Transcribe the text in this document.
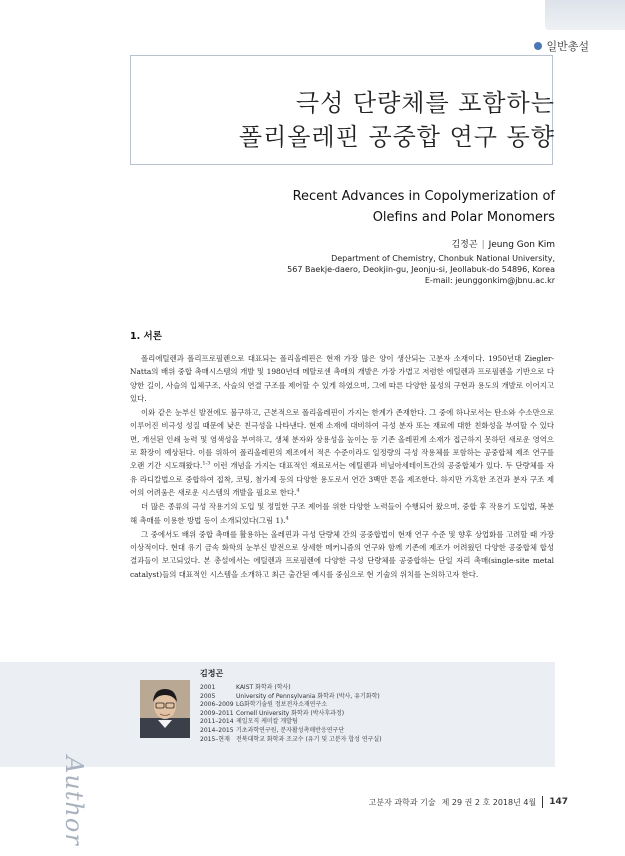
일반총설
극성 단량체를 포함하는
폴리올레핀 공중합 연구 동향
Recent Advances in Copolymerization of
Olefins and Polar Monomers
김정곤 | Jeung Gon Kim
Department of Chemistry, Chonbuk National University,
567 Baekje-daero, Deokjin-gu, Jeonju-si, Jeollabuk-do 54896, Korea
E-mail: jeunggonkim@jbnu.ac.kr
1. 서론

폴리에틸렌과 폴리프로필렌으로 대표되는 폴리올레핀은 현재 가장 많은 양이 생산되는 고분자 소재이다. 1950년대 Ziegler-Natta의 배위 중합 촉매시스템의 개발 및 1980년대 메탈로센 촉매의 개발은 가장 가볍고 저렴한 에틸렌과 프로필렌을 기반으로 다양한 길이, 사슬의 입체구조, 사슬의 연결 구조를 제어할 수 있게 하였으며, 그에 따른 다양한 물성의 구현과 용도의 개발로 이어지고 있다.

이와 같은 눈부신 발전에도 불구하고, 근본적으로 폴리올레핀이 가지는 한계가 존재한다. 그 중에 하나로서는 탄소와 수소만으로 이루어진 비극성 성질 때문에 낮은 친극성을 나타낸다. 현재 소재에 대비하여 극성 분자 또는 재료에 대한 친화성을 부여할 수 있다면, 개선된 인쇄 능력 및 염색성을 부여하고, 생체 분자와 상용성을 높이는 등 기존 올레핀계 소재가 접근하지 못하던 새로운 영역으로 확장이 예상된다. 이를 위하여 폴리올레핀의 제조에서 적은 수준이라도 일정량의 극성 작용체를 포함하는 공중합체 제조 연구를 오랜 기간 시도해왔다.$^{1-3}$ 이런 개념을 가지는 대표적인 재료로서는 에틸렌과 비닐아세테이트간의 공중합체가 있다. 두 단량체를 자유 라디칼법으로 중합하여 접착, 코팅, 첨가제 등의 다양한 용도로서 연간 3백만 톤을 제조한다. 하지만 가혹한 조건과 분자 구조 제어의 어려움은 새로운 시스템의 개발을 필요로 한다.$^4$

더 많은 종류의 극성 작용기의 도입 및 정밀한 구조 제어를 위한 다양한 노력들이 수행되어 왔으며, 중합 후 작용기 도입법, 복분해 촉매를 이용한 방법 등이 소개되었다(그림 1).$^4$

그 중에서도 배위 중합 촉매를 활용하는 올레핀과 극성 단량체 간의 공중합법이 현재 연구 수준 및 향후 상업화를 고려할 때 가장 이상적이다. 현대 유기 금속 화학의 눈부신 발전으로 상세한 메커니즘의 연구와 함께 기존에 제조가 어려웠던 다양한 공중합체 합성 결과들이 보고되었다. 본 총설에서는 에틸렌과 프로필렌에 다양한 극성 단량체를 공중합하는 단일 자리 촉매(single-site metal catalyst)들의 대표적인 시스템을 소개하고 최근 출간된 예시를 중심으로 현 기술의 위치를 논의하고자 한다.

Author
김정곤
2001	KAIST 화학과 (학사)
2005	University of Pennsylvania 화학과 (박사, 유기화학)
2006–2009 LG화학기술원 정보전자소재연구소
2009–2011 Cornell University 화학과 (박사후과정)
2011–2014 제일모직 케미칼 개발팀
2014–2015 기초과학연구원, 분자활성촉매반응연구단
2015–현재 전북대학교 화학과 조교수 (유기 및 고분자 합성 연구실)
고분자 과학과 기술 제 29 권 2 호 2018년 4월 147
